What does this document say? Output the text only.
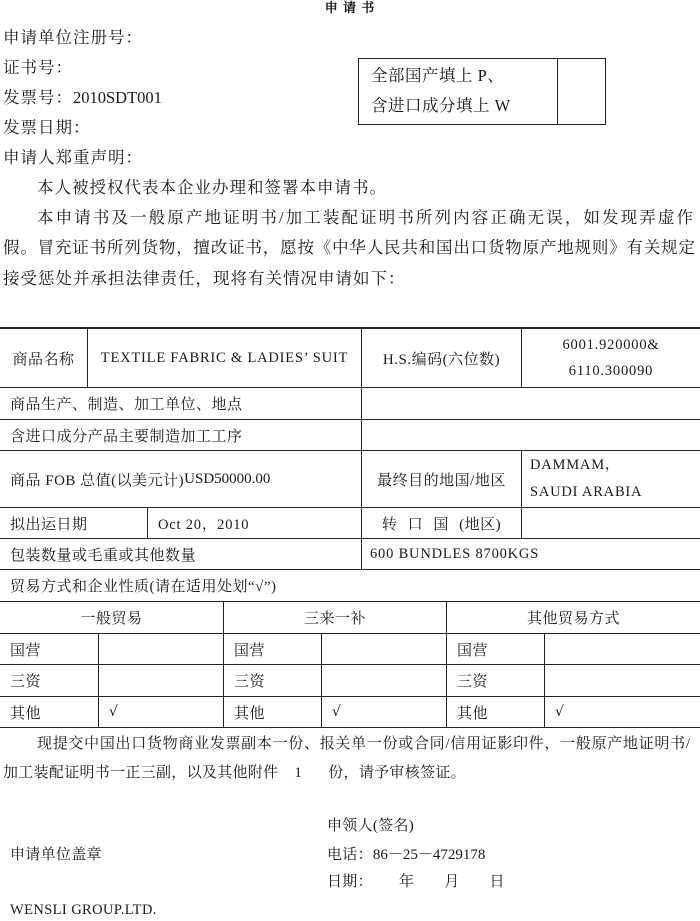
申 请 书
申请单位注册号：
证书号：
发票号：2010SDT001
发票日期：
申请人郑重声明：
全部国产填上 P、
含进口成分填上 W
本人被授权代表本企业办理和签署本申请书。
本申请书及一般原产地证明书/加工装配证明书所列内容正确无误，如发现弄虚作
假。冒充证书所列货物，擅改证书，愿按《中华人民共和国出口货物原产地规则》有关规定
接受惩处并承担法律责任，现将有关情况申请如下：
商品名称	TEXTILE FABRIC & LADIES’ SUIT	H.S.编码(六位数)
6001.920000&
6110.300090
商品生产、制造、加工单位、地点
含进口成分产品主要制造加工工序
商品 FOB 总值(以美元计) USD50000.00	最终目的地国/地区
DAMMAM，
SAUDI ARABIA
拟出运日期	Oct 20，2010	转 口 国 (地区)
包装数量或毛重或其他数量	600 BUNDLES 8700KGS
贸易方式和企业性质(请在适用处划“√”)
一般贸易	三来一补	其他贸易方式
国营	国营	国营
三资	三资	三资
其他	√	其他	√	其他	√
现提交中国出口货物商业发票副本一份、报关单一份或合同/信用证影印件，一般原产地证明书/
加工装配证明书一正三副，以及其他附件 1 份，请予审核签证。
申领人(签名)
申请单位盖章	电话：86－25－4729178
日期： 年 月 日
WENSLI GROUP.LTD.
